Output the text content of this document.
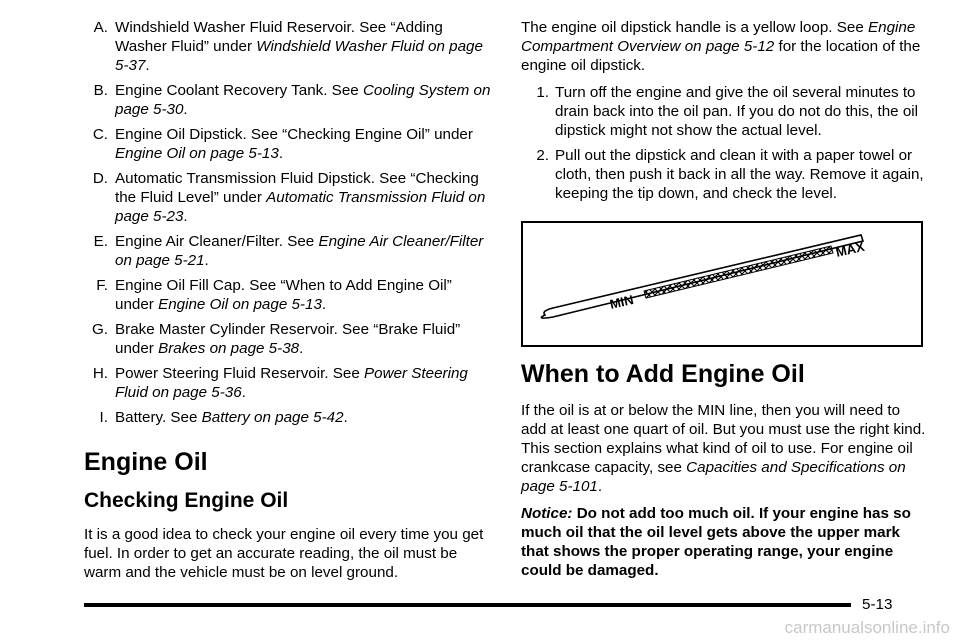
A. Windshield Washer Fluid Reservoir. See “Adding Washer Fluid” under Windshield Washer Fluid on page 5-37.
B. Engine Coolant Recovery Tank. See Cooling System on page 5-30.
C. Engine Oil Dipstick. See “Checking Engine Oil” under Engine Oil on page 5-13.
D. Automatic Transmission Fluid Dipstick. See “Checking the Fluid Level” under Automatic Transmission Fluid on page 5-23.
E. Engine Air Cleaner/Filter. See Engine Air Cleaner/Filter on page 5-21.
F. Engine Oil Fill Cap. See “When to Add Engine Oil” under Engine Oil on page 5-13.
G. Brake Master Cylinder Reservoir. See “Brake Fluid” under Brakes on page 5-38.
H. Power Steering Fluid Reservoir. See Power Steering Fluid on page 5-36.
I. Battery. See Battery on page 5-42.
Engine Oil
Checking Engine Oil
It is a good idea to check your engine oil every time you get fuel. In order to get an accurate reading, the oil must be warm and the vehicle must be on level ground.
The engine oil dipstick handle is a yellow loop. See Engine Compartment Overview on page 5-12 for the location of the engine oil dipstick.
1. Turn off the engine and give the oil several minutes to drain back into the oil pan. If you do not do this, the oil dipstick might not show the actual level.
2. Pull out the dipstick and clean it with a paper towel or cloth, then push it back in all the way. Remove it again, keeping the tip down, and check the level.
MIN
MAX
When to Add Engine Oil
If the oil is at or below the MIN line, then you will need to add at least one quart of oil. But you must use the right kind. This section explains what kind of oil to use. For engine oil crankcase capacity, see Capacities and Specifications on page 5-101.
Notice: Do not add too much oil. If your engine has so much oil that the oil level gets above the upper mark that shows the proper operating range, your engine could be damaged.
5-13
carmanualsonline.info
